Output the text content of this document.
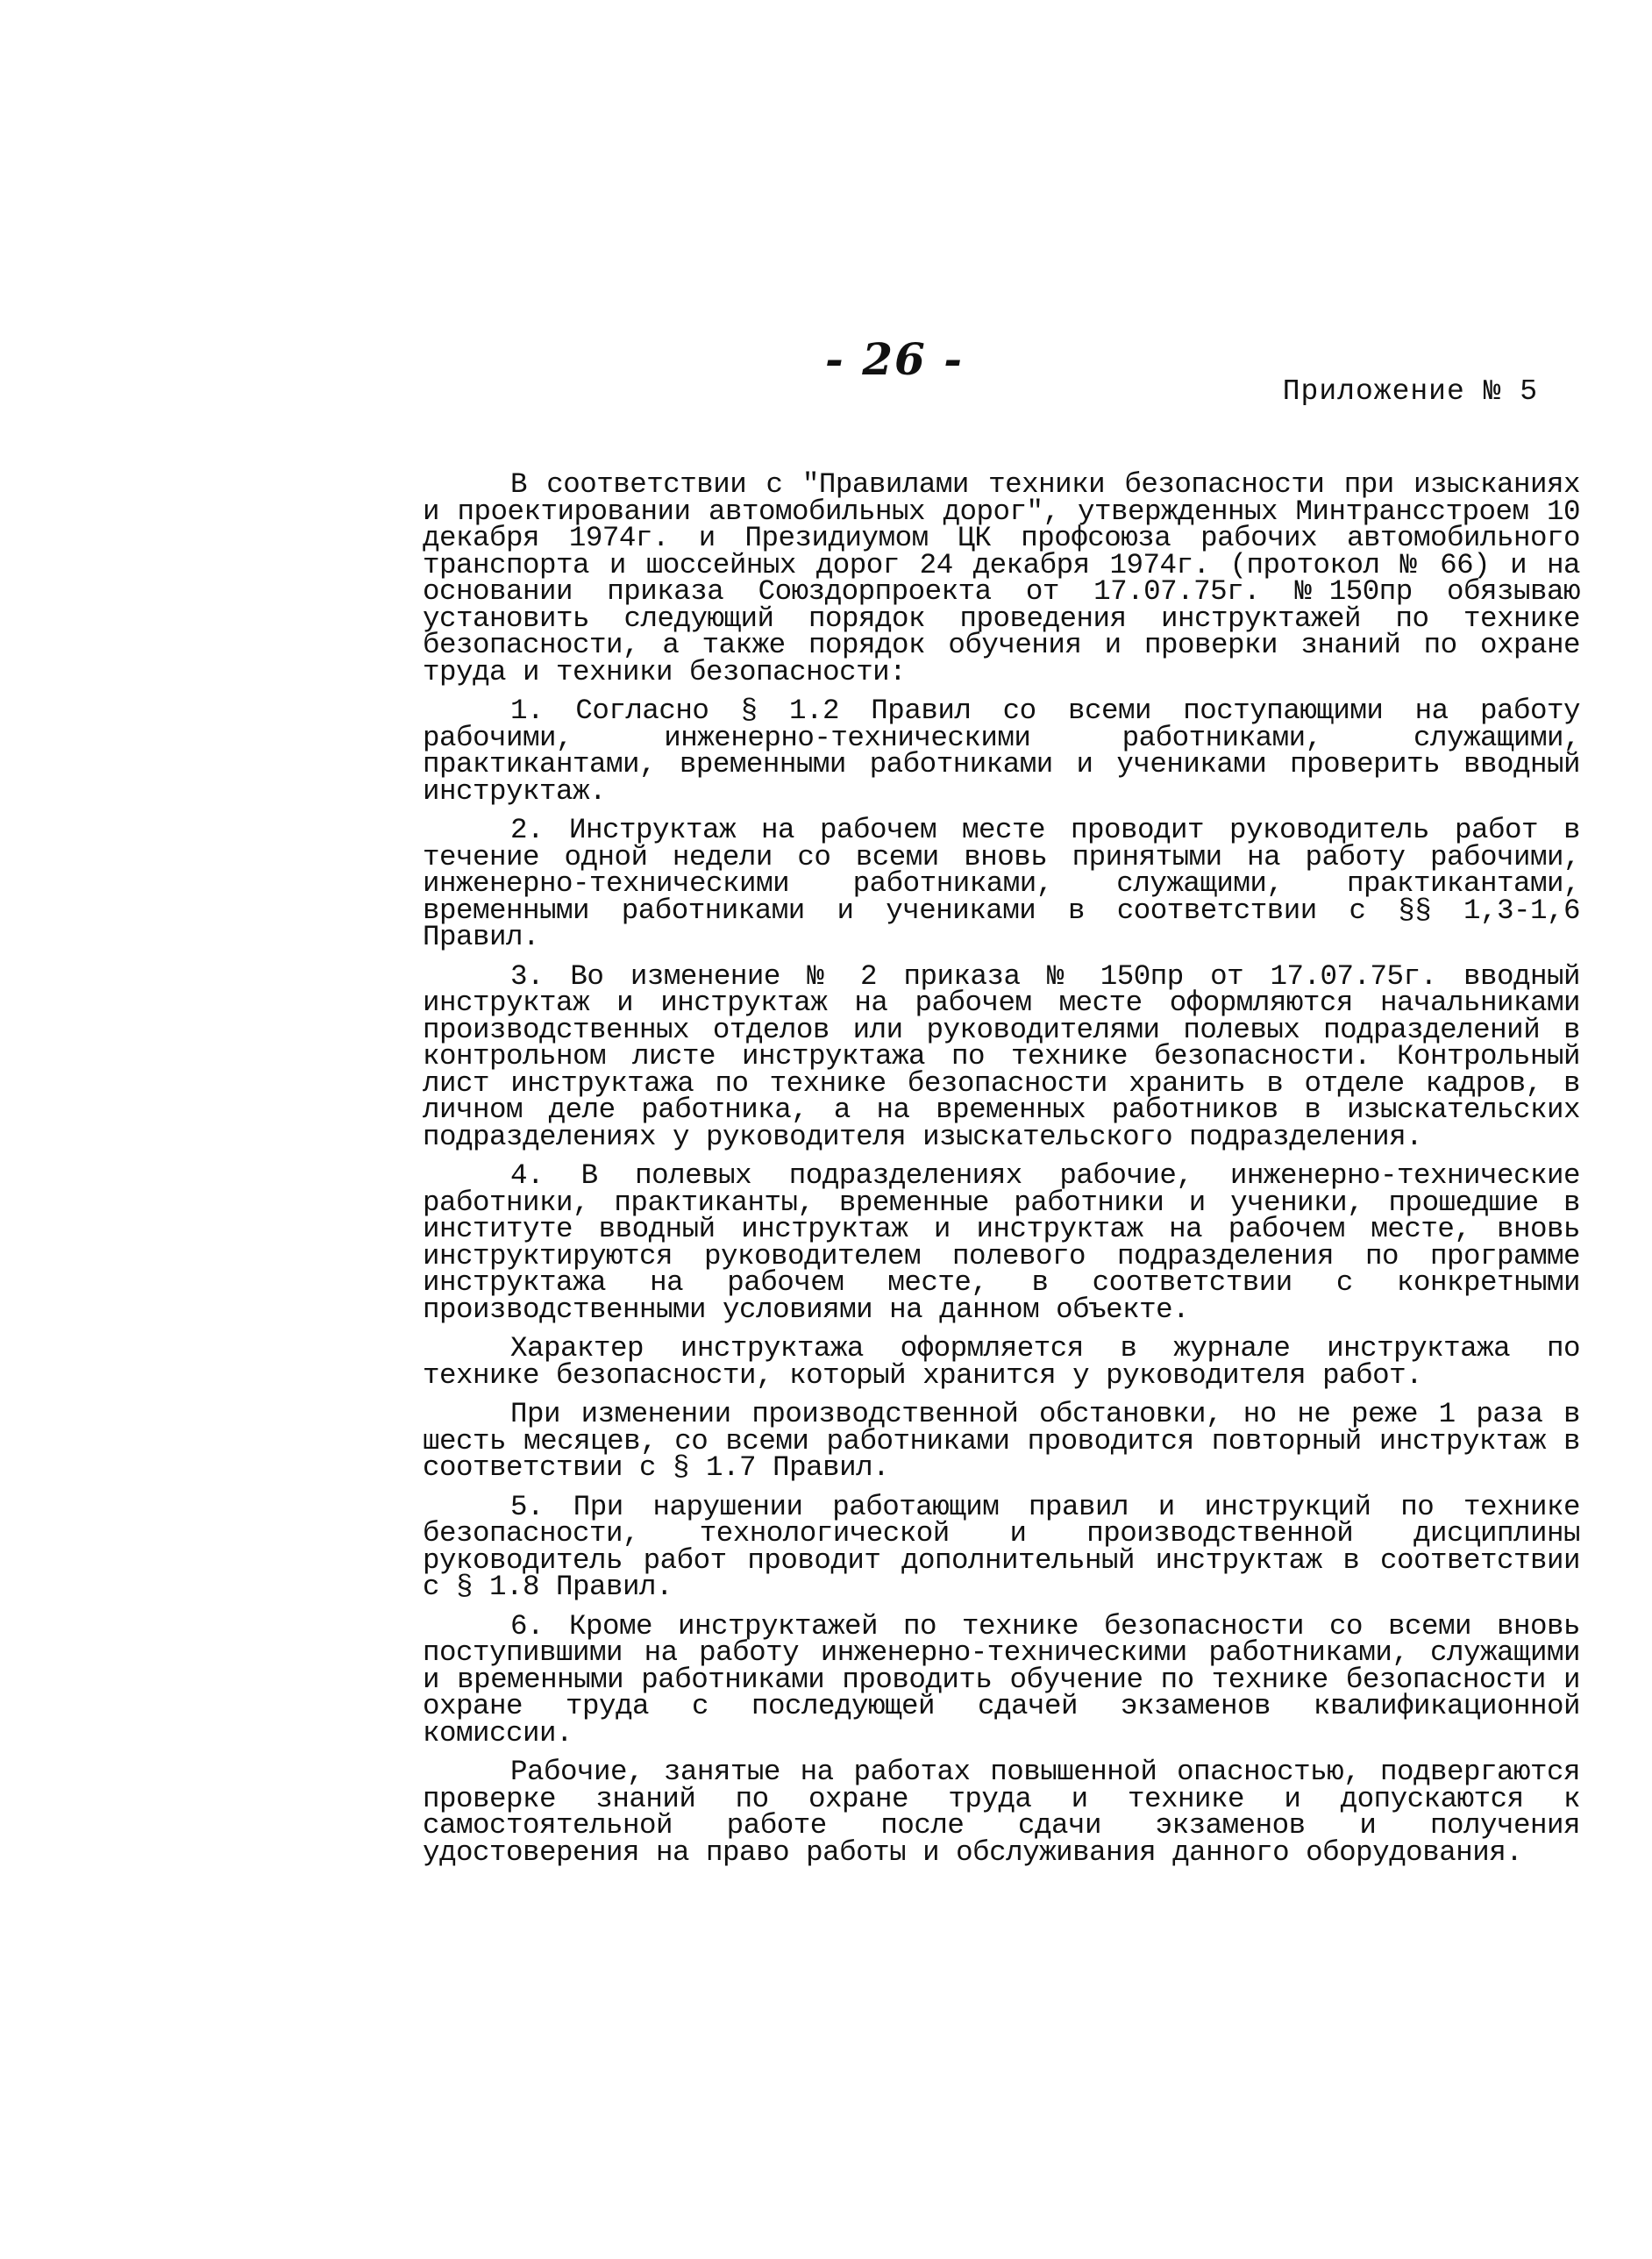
- 26 -
Приложение № 5

В соответствии с "Правилами техники безопасности при изысканиях и проектировании автомобильных дорог", утвержденных Минтрансстроем 10 декабря 1974г. и Президиумом ЦК профсоюза рабочих автомобильного транспорта и шоссейных дорог 24 декабря 1974г. (протокол № 66) и на основании приказа Союздорпроекта от 17.07.75г. №150пр обязываю установить следующий порядок проведения инструктажей по технике безопасности, а также порядок обучения и проверки знаний по охране труда и техники безопасности:

1. Согласно § 1.2 Правил со всеми поступающими на работу рабочими, инженерно-техническими работниками, служащими, практикантами, временными работниками и учениками проверить вводный инструктаж.

2. Инструктаж на рабочем месте проводит руководитель работ в течение одной недели со всеми вновь принятыми на работу рабочими, инженерно-техническими работниками, служащими, практикантами, временными работниками и учениками в соответствии с §§ 1,3-1,6 Правил.

3. Во изменение № 2 приказа № 150пр от 17.07.75г. вводный инструктаж и инструктаж на рабочем месте оформляются начальниками производственных отделов или руководителями полевых подразделений в контрольном листе инструктажа по технике безопасности. Контрольный лист инструктажа по технике безопасности хранить в отделе кадров, в личном деле работника, а на временных работников в изыскательских подразделениях у руководителя изыскательского подразделения.

4. В полевых подразделениях рабочие, инженерно-технические работники, практиканты, временные работники и ученики, прошедшие в институте вводный инструктаж и инструктаж на рабочем месте, вновь инструктируются руководителем полевого подразделения по программе инструктажа на рабочем месте, в соответствии с конкретными производственными условиями на данном объекте.

Характер инструктажа оформляется в журнале инструктажа по технике безопасности, который хранится у руководителя работ.

При изменении производственной обстановки, но не реже 1 раза в шесть месяцев, со всеми работниками проводится повторный инструктаж в соответствии с § 1.7 Правил.

5. При нарушении работающим правил и инструкций по технике безопасности, технологической и производственной дисциплины руководитель работ проводит дополнительный инструктаж в соответствии с § 1.8 Правил.

6. Кроме инструктажей по технике безопасности со всеми вновь поступившими на работу инженерно-техническими работниками, служащими и временными работниками проводить обучение по технике безопасности и охране труда с последующей сдачей экзаменов квалификационной комиссии.

Рабочие, занятые на работах повышенной опасностью, подвергаются проверке знаний по охране труда и технике и допускаются к самостоятельной работе после сдачи экзаменов и получения удостоверения на право работы и обслуживания данного оборудования.
